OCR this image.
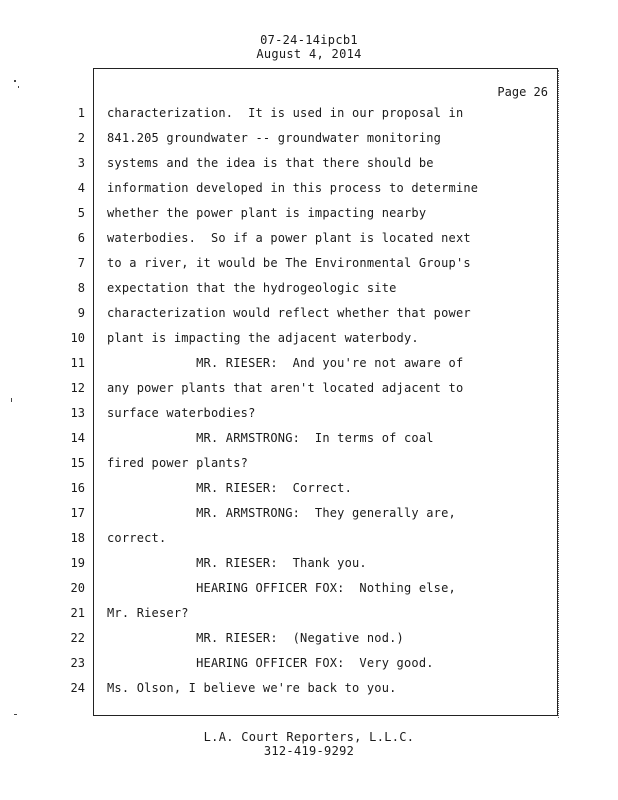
07-24-14ipcb1
August 4, 2014
Page 26
1 characterization.  It is used in our proposal in
2 841.205 groundwater -- groundwater monitoring
3 systems and the idea is that there should be
4 information developed in this process to determine
5 whether the power plant is impacting nearby
6 waterbodies.  So if a power plant is located next
7 to a river, it would be The Environmental Group's
8 expectation that the hydrogeologic site
9 characterization would reflect whether that power
10 plant is impacting the adjacent waterbody.
11 MR. RIESER:  And you're not aware of
12 any power plants that aren't located adjacent to
13 surface waterbodies?
14 MR. ARMSTRONG:  In terms of coal
15 fired power plants?
16 MR. RIESER:  Correct.
17 MR. ARMSTRONG:  They generally are,
18 correct.
19 MR. RIESER:  Thank you.
20 HEARING OFFICER FOX:  Nothing else,
21 Mr. Rieser?
22 MR. RIESER:  (Negative nod.)
23 HEARING OFFICER FOX:  Very good.
24 Ms. Olson, I believe we're back to you.
L.A. Court Reporters, L.L.C.
312-419-9292
